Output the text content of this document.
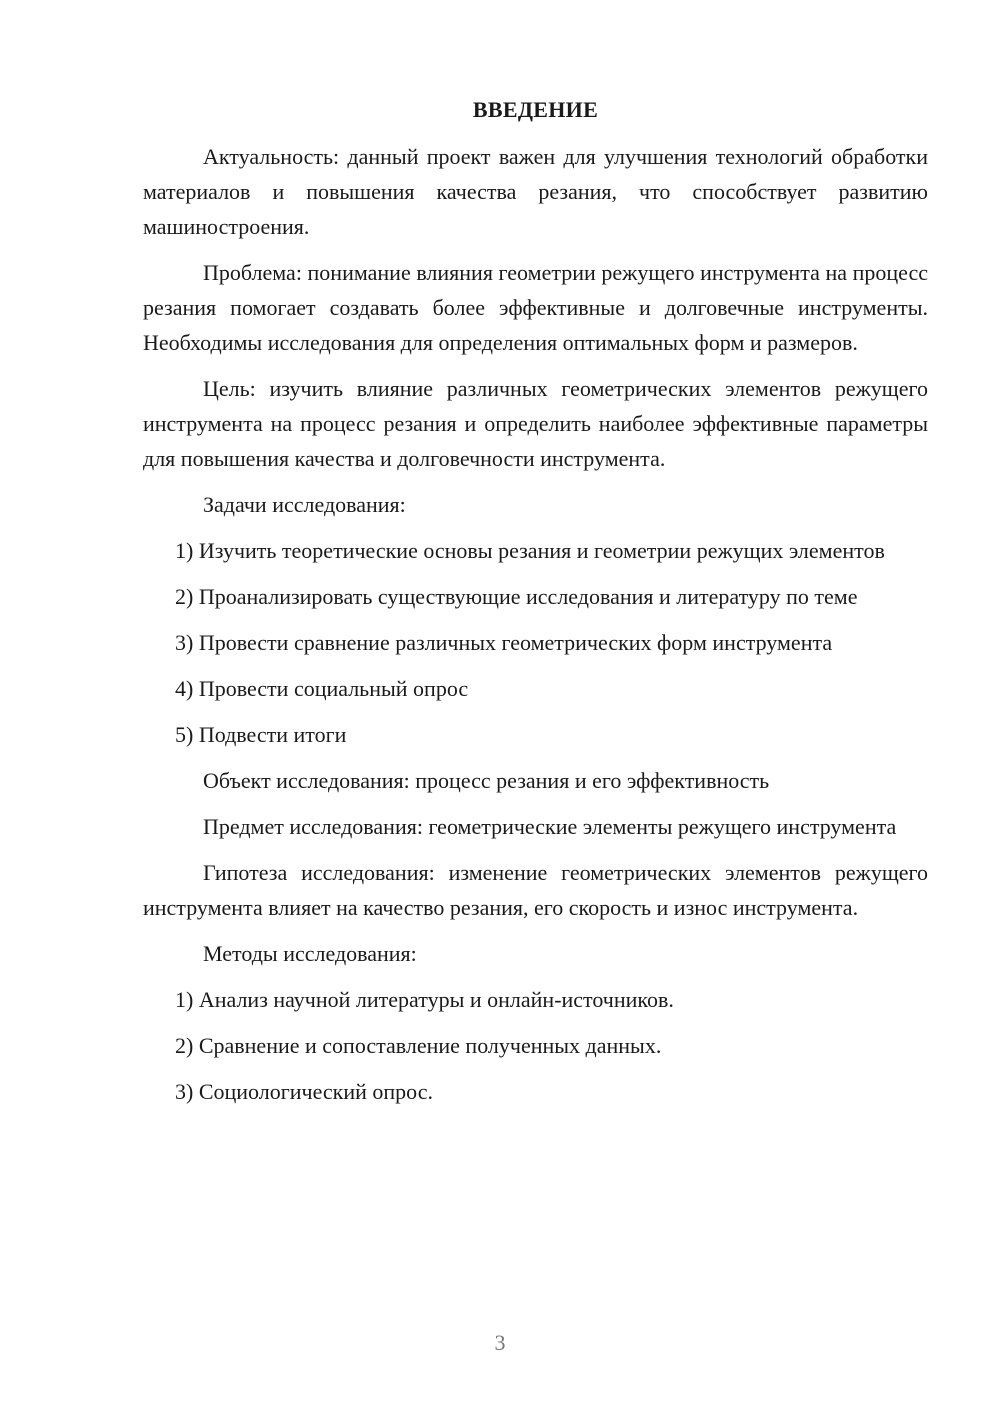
ВВЕДЕНИЕ

Актуальность: данный проект важен для улучшения технологий обработки материалов и повышения качества резания, что способствует развитию машиностроения.

Проблема: понимание влияния геометрии режущего инструмента на процесс резания помогает создавать более эффективные и долговечные инструменты. Необходимы исследования для определения оптимальных форм и размеров.

Цель: изучить влияние различных геометрических элементов режущего инструмента на процесс резания и определить наиболее эффективные параметры для повышения качества и долговечности инструмента.

Задачи исследования:

1) Изучить теоретические основы резания и геометрии режущих элементов

2) Проанализировать существующие исследования и литературу по теме

3) Провести сравнение различных геометрических форм инструмента

4) Провести социальный опрос

5) Подвести итоги

Объект исследования: процесс резания и его эффективность

Предмет исследования: геометрические элементы режущего инструмента

Гипотеза исследования: изменение геометрических элементов режущего инструмента влияет на качество резания, его скорость и износ инструмента.

Методы исследования:

1) Анализ научной литературы и онлайн-источников.

2) Сравнение и сопоставление полученных данных.

3) Социологический опрос.

3
